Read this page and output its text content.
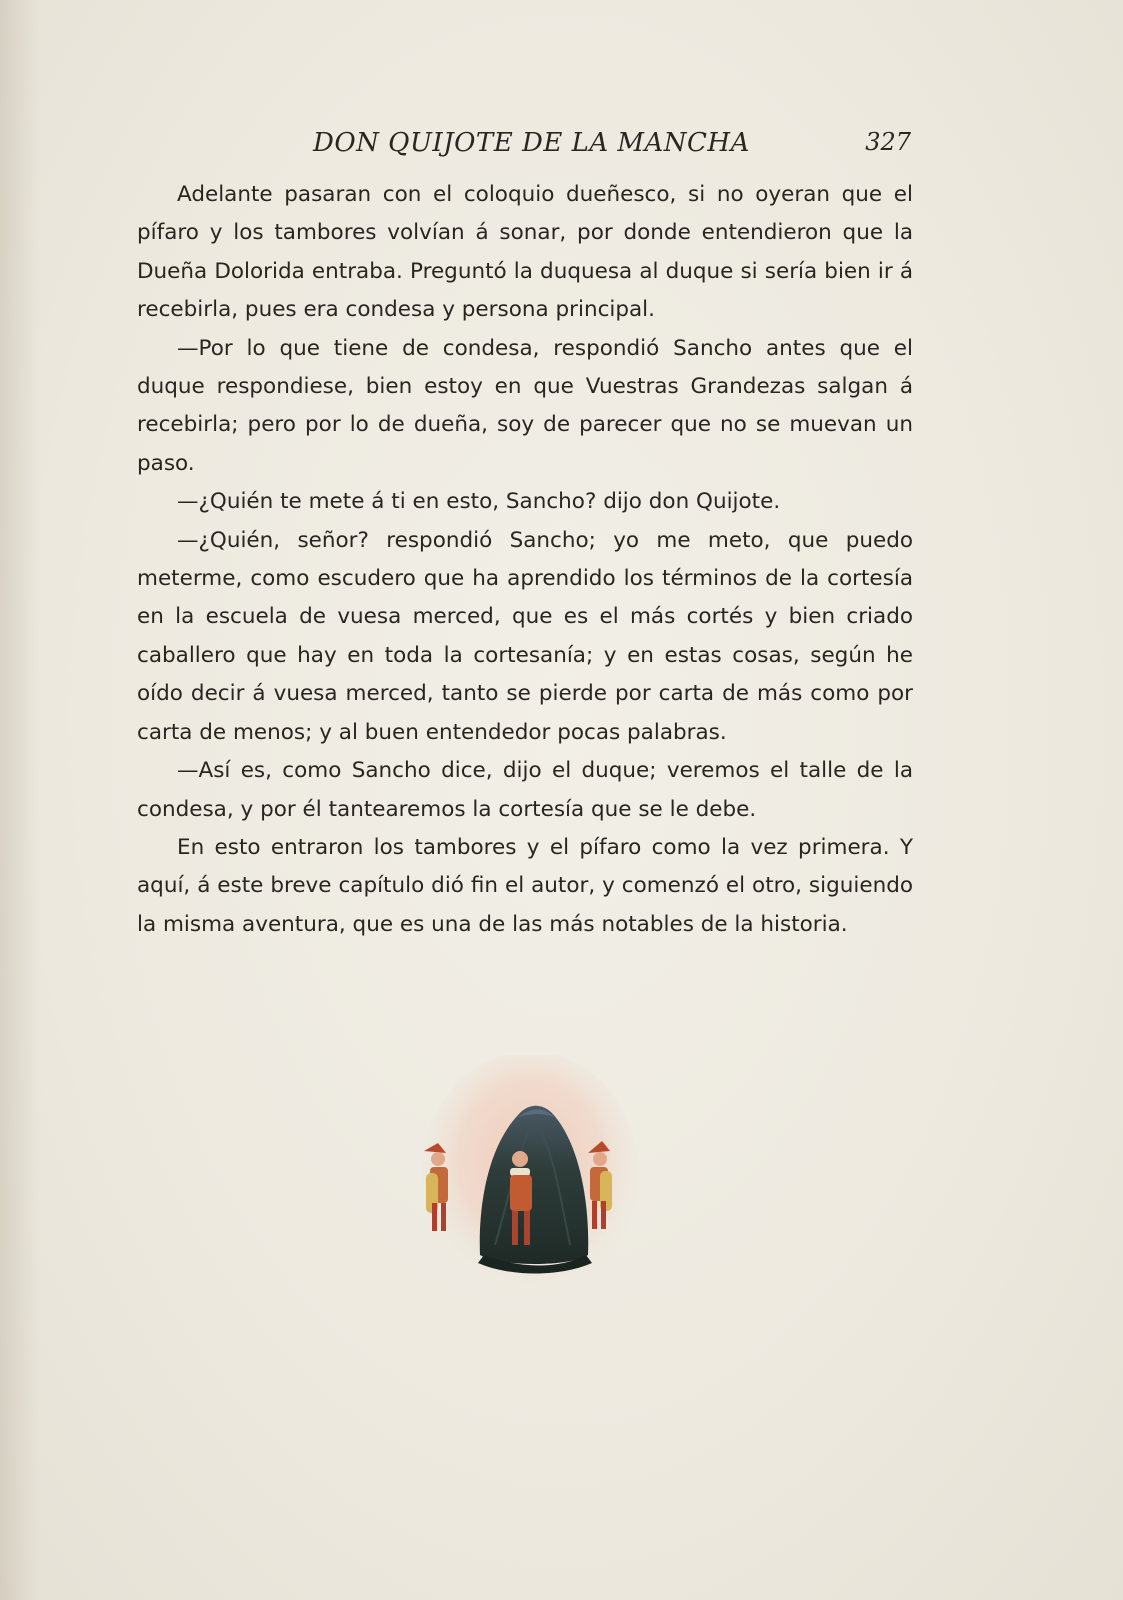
DON QUIJOTE DE LA MANCHA	327

Adelante pasaran con el coloquio dueñesco, si no oyeran que el pífaro y los tambores volvían á sonar, por donde entendieron que la Dueña Dolorida entraba. Preguntó la duquesa al duque si sería bien ir á recebirla, pues era condesa y persona principal.

—Por lo que tiene de condesa, respondió Sancho antes que el duque respondiese, bien estoy en que Vuestras Grandezas salgan á recebirla; pero por lo de dueña, soy de parecer que no se muevan un paso.

—¿Quién te mete á ti en esto, Sancho? dijo don Quijote.

—¿Quién, señor? respondió Sancho; yo me meto, que puedo meterme, como escudero que ha aprendido los términos de la cortesía en la escuela de vuesa merced, que es el más cortés y bien criado caballero que hay en toda la cortesanía; y en estas cosas, según he oído decir á vuesa merced, tanto se pierde por carta de más como por carta de menos; y al buen entendedor pocas palabras.

—Así es, como Sancho dice, dijo el duque; veremos el talle de la condesa, y por él tantearemos la cortesía que se le debe.

En esto entraron los tambores y el pífaro como la vez primera. Y aquí, á este breve capítulo dió fin el autor, y comenzó el otro, siguiendo la misma aventura, que es una de las más notables de la historia.
